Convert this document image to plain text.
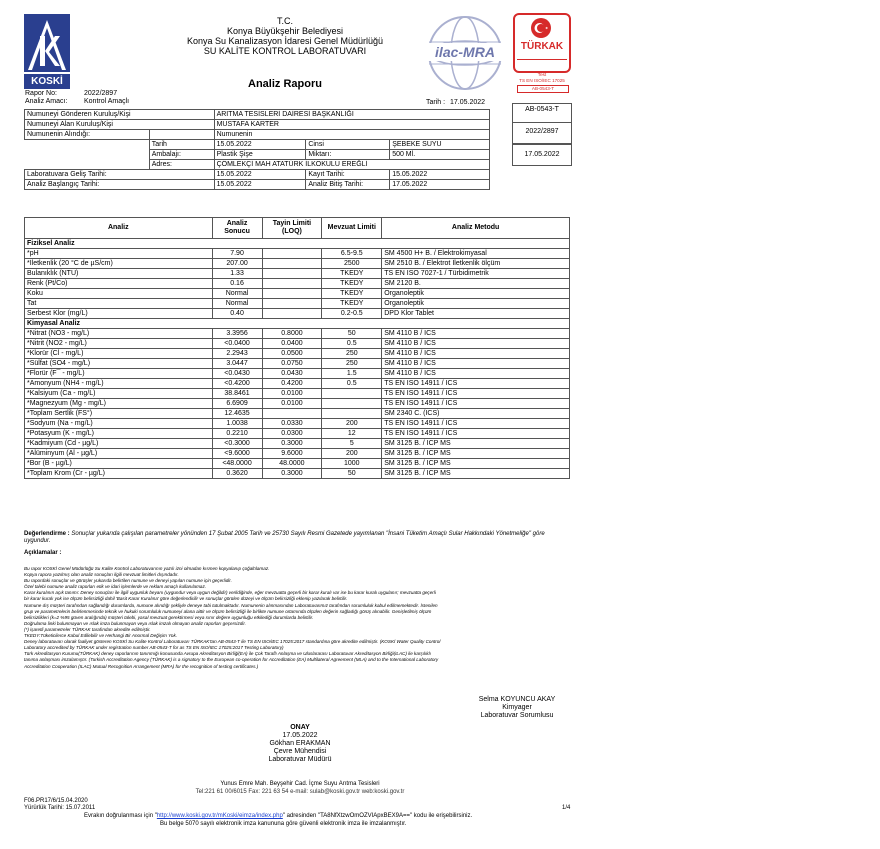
KOSKİ
T.C.
Konya Büyükşehir Belediyesi
Konya Su Kanalizasyon İdaresi Genel Müdürlüğü
SU KALİTE KONTROL LABORATUVARI
Analiz Raporu
ilac-MRA	TÜRKAK
Test
TS EN ISO/IEC 17025
AB-0543-T
Rapor No:	2022/2897
Analiz Amacı: Kontrol Amaçlı	Tarih : 17.05.2022
AB-0543-T
2022/2897
17.05.2022
Numuneyi Gönderen Kuruluş/Kişi		ARITMA TESİSLERİ DAİRESİ BAŞKANLIĞI		
Numuneyi Alan Kuruluş/Kişi		MUSTAFA KARTER		
Numunenin Alındığı:		Numunenin		
	Tarih	15.05.2022	Cinsi	ŞEBEKE SUYU
	Ambalajı:	Plastik Şişe	Miktarı:	500 Ml.
	Adres:	ÇÖMLEKÇİ MAH ATATÜRK İLKOKULU EREĞLİ		
Laboratuvara Geliş Tarihi:		15.05.2022	Kayıt Tarihi:	15.05.2022
Analiz Başlangıç Tarihi:		15.05.2022	Analiz Bitiş Tarihi:	17.05.2022
Analiz	Analiz Sonucu	Tayin Limiti (LOQ)	Mevzuat Limiti	Analiz Metodu
Fiziksel Analiz				
*pH	7.90		6.5-9.5	SM 4500 H+ B. / Elektrokimyasal
*İletkenlik (20 °C de µS/cm)	207.00		2500	SM 2510 B. / Elektrot İletkenlik ölçüm
Bulanıklık (NTU)	1.33		TKEDY	TS EN ISO 7027-1 / Türbidimetrik
Renk (Pt/Co)	0.16		TKEDY	SM 2120 B.
Koku	Normal		TKEDY	Organoleptik
Tat	Normal		TKEDY	Organoleptik
Serbest Klor (mg/L)	0.40		0.2-0.5	DPD Klor Tablet
Kimyasal Analiz				
*Nitrat (NO3 - mg/L)	3.3956	0.8000	50	SM 4110 B / ICS
*Nitrit (NO2 - mg/L)	<0.0400	0.0400	0.5	SM 4110 B / ICS
*Klorür (Cl - mg/L)	2.2943	0.0500	250	SM 4110 B / ICS
*Sülfat (SO4 - mg/L)	3.0447	0.0750	250	SM 4110 B / ICS
*Florür (F¯ - mg/L)	<0.0430	0.0430	1.5	SM 4110 B / ICS
*Amonyum (NH4 - mg/L)	<0.4200	0.4200	0.5	TS EN ISO 14911 / ICS
*Kalsiyum (Ca - mg/L)	38.8461	0.0100		TS EN ISO 14911 / ICS
*Magnezyum (Mg - mg/L)	6.6909	0.0100		TS EN ISO 14911 / ICS
*Toplam Sertlik (FS°)	12.4635			SM 2340 C. (ICS)
*Sodyum (Na - mg/L)	1.0038	0.0330	200	TS EN ISO 14911 / ICS
*Potasyum (K - mg/L)	0.2210	0.0300	12	TS EN ISO 14911 / ICS
*Kadmiyum (Cd - µg/L)	<0.3000	0.3000	5	SM 3125 B. / ICP MS
*Alüminyum (Al - µg/L)	<9.6000	9.6000	200	SM 3125 B. / ICP MS
*Bor (B - µg/L)	<48.0000	48.0000	1000	SM 3125 B. / ICP MS
*Toplam Krom (Cr - µg/L)	0.3620	0.3000	50	SM 3125 B. / ICP MS
Değerlendirme : Sonuçlar yukarıda çalışılan parametreler yönünden 17 Şubat 2005 Tarih ve 25730 Sayılı Resmi Gazetede yayımlanan "İnsani Tüketim Amaçlı Sular Hakkındaki Yönetmeliğe" göre uygundur.
Açıklamalar :
Bu rapor KOSKİ Genel Müdürlüğü Su Kalite Kontrol Laboratuvarının yazılı izni olmadan kısmen kopyalanıp çoğaltılamaz.
Kopya rapora yazılmış olan analiz sonuçları ilgili mevzuat limitleri dışındadır.
Bu rapordaki sonuçlar ve görüşler yukarıda belirtilen numune ve deneyi yapılan numune için geçerlidir.
Özel talebi numune analiz raporları etik ve idari işlemlerde ve reklam amaçlı kullanılamaz.
Karar kuralının açık tanımı: Deney sonuçları ile ilgili uygunluk beyanı (uygundur veya uygun değildir) verildiğinde, eğer mevzuatta geçerli bir karar kuralı var ise bu karar kuralı uygulanır; mevzuatta geçerli
bir karar kuralı yok ise ölçüm belirsizliği dahil 'Basit Karar Kuralına' göre değerlendirilir ve sonuçlar görülen düzeyi ve ölçüm belirsizliği eklenip yazılarak belirtilir.
Numune dış müşteri tarafından sağlandığı durumlarda, numune alındığı şekliyle deneye tabi tutulmaktadır. Numunenin alınmasından Laboratuvarımız tarafından sorumluluk kabul edilmemektedir. İstenilen
grup ve parametrelerin belirlenmesinde teknik ve hukuki sorumluluk numuneyi alana aittir ve ölçüm belirsizliği ile birlikte numune ortamında ölçülen değerin sağladığı görüş alınabilir. Genişletilmiş ölçüm
belirsizlikleri (k=2 %95 güven aralığında) müşteri talebi, yasal mevzuat gerektirmesi veya sınır değere uygunluğu etkilediği durumlarda belirtilir.
Doğrulama linki bulunmayan ve ıslak imza bulunmayan veya ıslak imzalı olmayan analiz raporları geçersizdir.
(*) işaretli parametreler TÜRKAK tarafından akredite edilmiştir.
TKEDY:Tüketicilerce Kabul Edilebilir ve Herhangi Bir Anormal Değişim Yok.
Deney laboratuvarı olarak faaliyet gösteren KOSKİ Su Kalite Kontrol Laboratuvarı TÜRKAK'tan AB-0543-T ile TS EN ISO/IEC 17025:2017 standardına göre akredite edilmiştir. (KOSKİ Water Quality Control
Laboratory accredited by TÜRKAK under registration number AB-0543-T for as TS EN ISO/IEC 17025:2017 Testing Laboratory)
Türk Akreditasyon Kurumu(TÜRKAK) deney raporlarının tanınmığı konusunda Avrupa Akreditasyon Birliği(EA) ile Çok Taraflı Anlaşma ve Uluslararası Laboratuvar Akreditasyon Birliği(ILAC) ile karşılıklı
tanıma anlaşması imzalamıştır. (Turkish Accreditation Agency (TÜRKAK) is a signatory to the European co-operation for Accreditation (EA) Multilateral Agreement (MLA) and to the International Laboratory
Accreditation Cooperation (ILAC) Mutual Recognition Arrangement (MRA) for the recognition of testing certificates.)
Selma KOYUNCU AKAY
Kimyager
Laboratuvar Sorumlusu
ONAY
17.05.2022
Gökhan ERAKMAN
Çevre Mühendisi
Laboratuvar Müdürü
Yunus Emre Mah. Beyşehir Cad. İçme Suyu Arıtma Tesisleri
Tel:221 61 00/6015 Fax: 221 63 54 e-mail: sulab@koski.gov.tr web:koski.gov.tr
F06.PR17/6/15.04.2020
Yürürlük Tarihi: 15.07.2011	1/4
Evrakın doğrulanması için "http://www.koski.gov.tr/mKoski/eimza/index.php" adresinden "TA8NfXtzwOmOZVIApxBEX9A==" kodu ile erişebilirsiniz.
Bu belge 5070 sayılı elektronik imza kanununa göre güvenli elektronik imza ile imzalanmıştır.
